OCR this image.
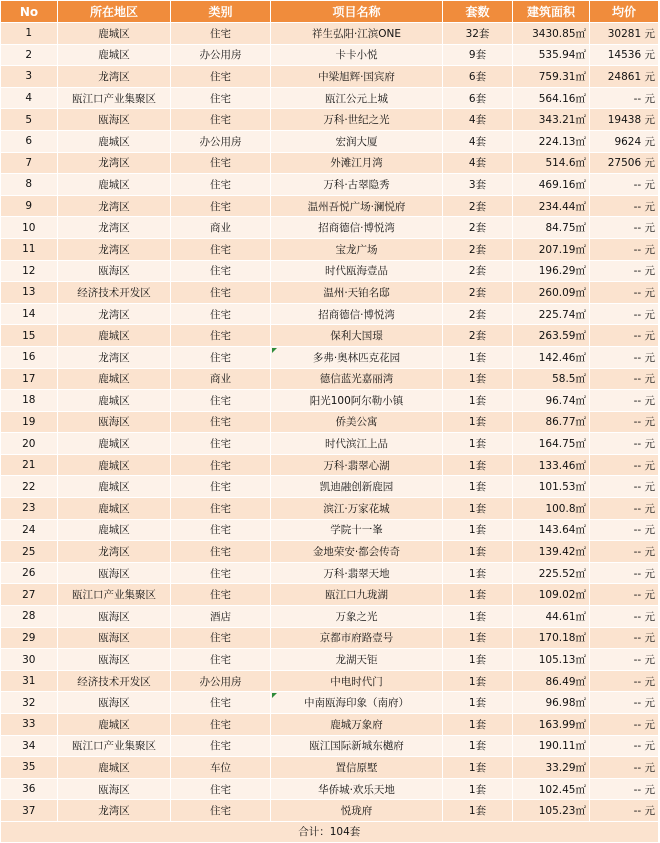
No	所在地区	类别	项目名称	套数	建筑面积	均价
1	鹿城区	住宅	祥生弘阳·江滨ONE	32套	3430.85㎡	30281 元
2	鹿城区	办公用房	卡卡小悦	9套	535.94㎡	14536 元
3	龙湾区	住宅	中梁旭辉·国宾府	6套	759.31㎡	24861 元
4	瓯江口产业集聚区	住宅	瓯江公元上城	6套	564.16㎡	-- 元
5	瓯海区	住宅	万科·世纪之光	4套	343.21㎡	19438 元
6	鹿城区	办公用房	宏润大厦	4套	224.13㎡	9624 元
7	龙湾区	住宅	外滩江月湾	4套	514.6㎡	27506 元
8	鹿城区	住宅	万科·古翠隐秀	3套	469.16㎡	-- 元
9	龙湾区	住宅	温州吾悦广场·澜悦府	2套	234.44㎡	-- 元
10	龙湾区	商业	招商德信·博悦湾	2套	84.75㎡	-- 元
11	龙湾区	住宅	宝龙广场	2套	207.19㎡	-- 元
12	瓯海区	住宅	时代瓯海壹品	2套	196.29㎡	-- 元
13	经济技术开发区	住宅	温州·天铂名邸	2套	260.09㎡	-- 元
14	龙湾区	住宅	招商德信·博悦湾	2套	225.74㎡	-- 元
15	鹿城区	住宅	保利大国璟	2套	263.59㎡	-- 元
16	龙湾区	住宅	多弗·奥林匹克花园	1套	142.46㎡	-- 元
17	鹿城区	商业	德信蓝光嘉丽湾	1套	58.5㎡	-- 元
18	鹿城区	住宅	阳光100阿尔勒小镇	1套	96.74㎡	-- 元
19	瓯海区	住宅	侨美公寓	1套	86.77㎡	-- 元
20	鹿城区	住宅	时代滨江上品	1套	164.75㎡	-- 元
21	鹿城区	住宅	万科·翡翠心湖	1套	133.46㎡	-- 元
22	鹿城区	住宅	凯迪融创新鹿园	1套	101.53㎡	-- 元
23	鹿城区	住宅	滨江·万家花城	1套	100.8㎡	-- 元
24	鹿城区	住宅	学院十一峯	1套	143.64㎡	-- 元
25	龙湾区	住宅	金地荣安·都会传奇	1套	139.42㎡	-- 元
26	瓯海区	住宅	万科·翡翠天地	1套	225.52㎡	-- 元
27	瓯江口产业集聚区	住宅	瓯江口九珑湖	1套	109.02㎡	-- 元
28	瓯海区	酒店	万象之光	1套	44.61㎡	-- 元
29	瓯海区	住宅	京都市府路壹号	1套	170.18㎡	-- 元
30	瓯海区	住宅	龙湖天钜	1套	105.13㎡	-- 元
31	经济技术开发区	办公用房	中电时代门	1套	86.49㎡	-- 元
32	瓯海区	住宅	中南瓯海印象（南府）	1套	96.98㎡	-- 元
33	鹿城区	住宅	鹿城万象府	1套	163.99㎡	-- 元
34	瓯江口产业集聚区	住宅	瓯江国际新城东樾府	1套	190.11㎡	-- 元
35	鹿城区	车位	置信原墅	1套	33.29㎡	-- 元
36	瓯海区	住宅	华侨城·欢乐天地	1套	102.45㎡	-- 元
37	龙湾区	住宅	悦珑府	1套	105.23㎡	-- 元
合计：104套						
